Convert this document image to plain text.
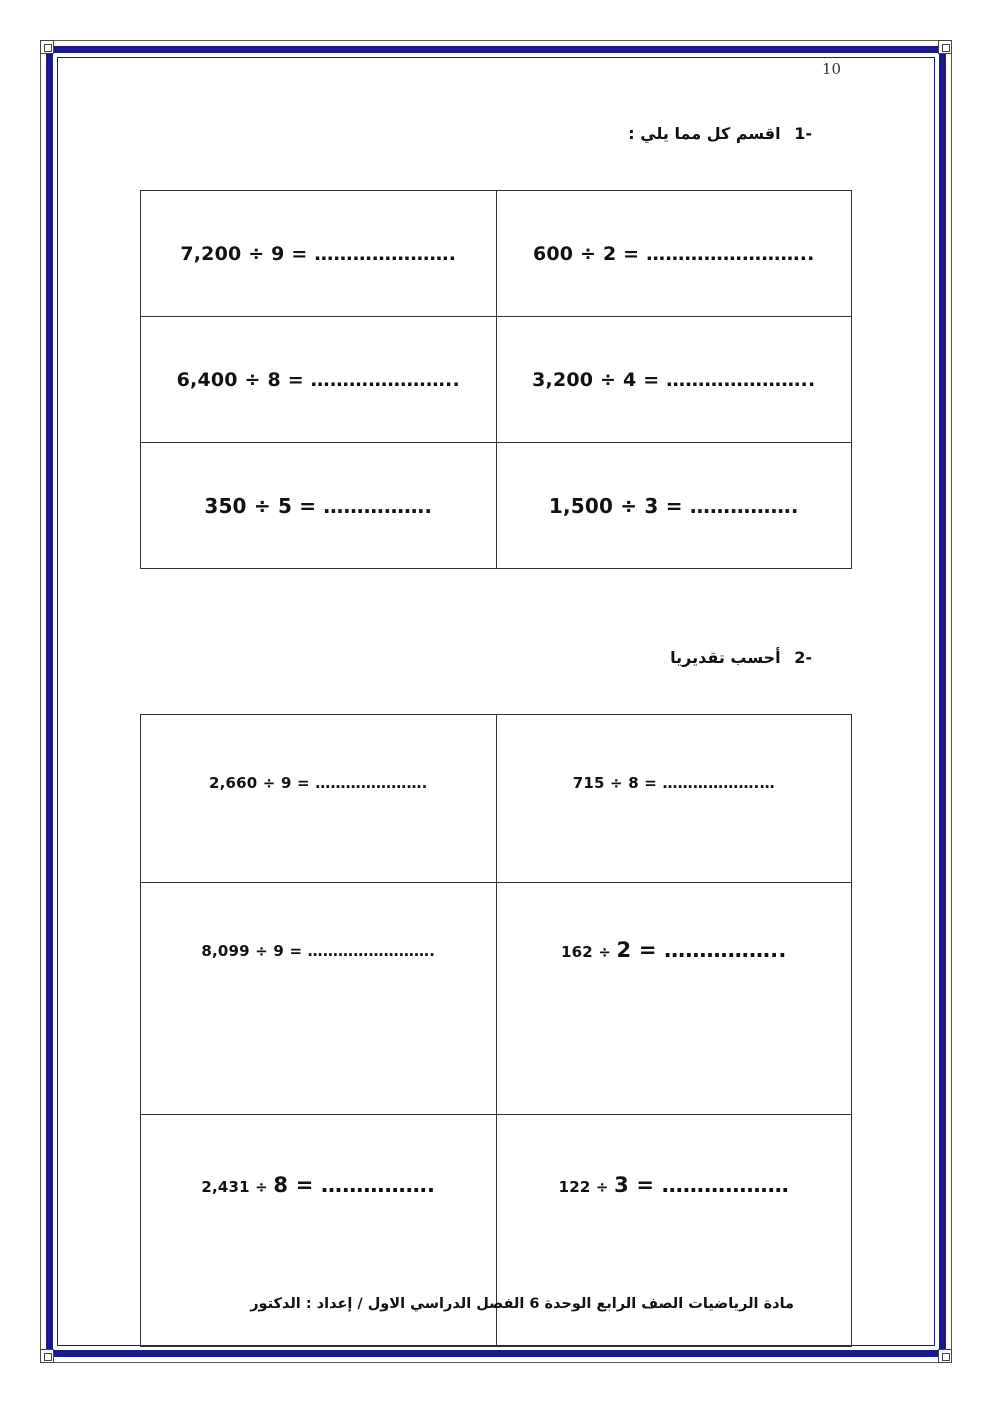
10
-1 اقسم كل مما يلي :
7,200 ÷ 9 = ………………….	600 ÷ 2 = ……………………..
6,400 ÷ 8 = …………………..	3,200 ÷ 4 = …………………..
350 ÷ 5 = …………….	1,500 ÷ 3 = …………….
-2 أحسب تقديريا
2,660 ÷ 9 = ………………….	715 ÷ 8 = ……………….…
8,099 ÷ 9 = …………………….	162 ÷ 2 = ……………..
2,431 ÷ 8 = …………….	122 ÷ 3 = ………………
مادة الرياضيات الصف الرابع الوحدة 6 الفصل الدراسي الاول / إعداد : الدكتور
